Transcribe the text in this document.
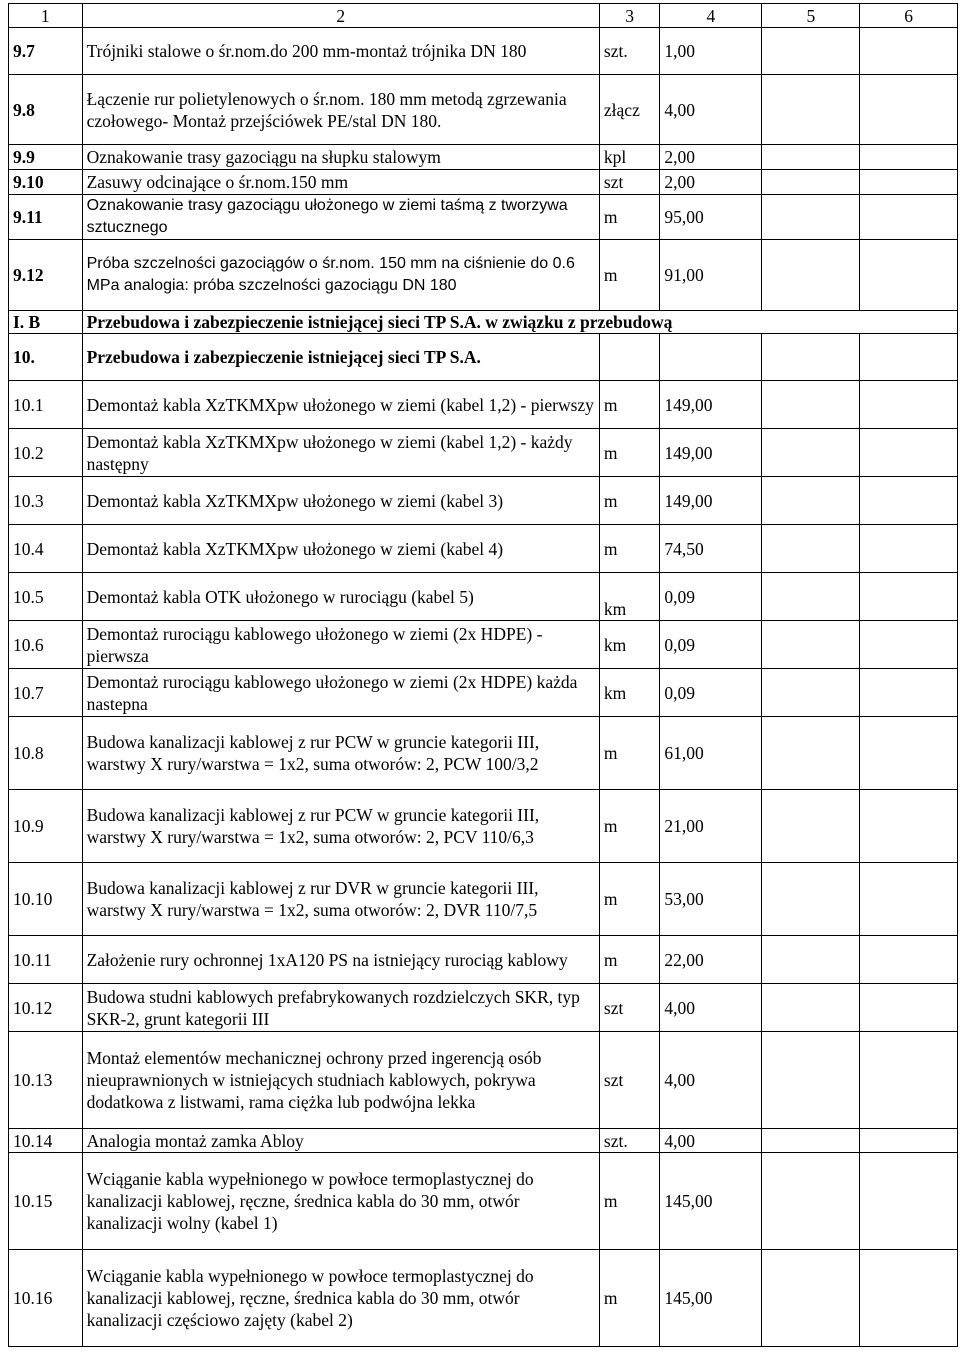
1	2	3	4	5	6
9.7	Trójniki stalowe o śr.nom.do 200 mm-montaż trójnika DN 180	szt.	1,00		
9.8	Łączenie rur polietylenowych o śr.nom. 180 mm metodą zgrzewania czołowego- Montaż przejściówek PE/stal DN 180.	złącz	4,00		
9.9	Oznakowanie trasy gazociągu na słupku stalowym	kpl	2,00		
9.10	Zasuwy odcinające o śr.nom.150 mm	szt	2,00		
9.11	Oznakowanie trasy gazociągu ułożonego w ziemi taśmą z tworzywa sztucznego	m	95,00		
9.12	Próba szczelności gazociągów o śr.nom. 150 mm na ciśnienie do 0.6 MPa analogia: próba szczelności gazociągu DN 180	m	91,00		
I. B	Przebudowa i zabezpieczenie istniejącej sieci TP S.A. w związku z przebudową				
10.	Przebudowa i zabezpieczenie istniejącej sieci TP S.A.				
10.1	Demontaż kabla XzTKMXpw ułożonego w ziemi (kabel 1,2) - pierwszy	m	149,00		
10.2	Demontaż kabla XzTKMXpw ułożonego w ziemi (kabel 1,2) - każdy następny	m	149,00		
10.3	Demontaż kabla XzTKMXpw ułożonego w ziemi (kabel 3)	m	149,00		
10.4	Demontaż kabla XzTKMXpw ułożonego w ziemi (kabel 4)	m	74,50		
10.5	Demontaż kabla OTK ułożonego w rurociągu (kabel 5)	km	0,09		
10.6	Demontaż rurociągu kablowego ułożonego w ziemi (2x HDPE) - pierwsza	km	0,09		
10.7	Demontaż rurociągu kablowego ułożonego w ziemi (2x HDPE) każda nastepna	km	0,09		
10.8	Budowa kanalizacji kablowej z rur PCW w gruncie kategorii III, warstwy X rury/warstwa = 1x2, suma otworów: 2, PCW 100/3,2	m	61,00		
10.9	Budowa kanalizacji kablowej z rur PCW w gruncie kategorii III, warstwy X rury/warstwa = 1x2, suma otworów: 2, PCV 110/6,3	m	21,00		
10.10	Budowa kanalizacji kablowej z rur DVR w gruncie kategorii III, warstwy X rury/warstwa = 1x2, suma otworów: 2, DVR 110/7,5	m	53,00		
10.11	Założenie rury ochronnej 1xA120 PS na istniejący rurociąg kablowy	m	22,00		
10.12	Budowa studni kablowych prefabrykowanych rozdzielczych SKR, typ SKR-2, grunt kategorii III	szt	4,00		
10.13	Montaż elementów mechanicznej ochrony przed ingerencją osób nieuprawnionych w istniejących studniach kablowych, pokrywa dodatkowa z listwami, rama ciężka lub podwójna lekka	szt	4,00		
10.14	Analogia montaż zamka Abloy	szt.	4,00		
10.15	Wciąganie kabla wypełnionego w powłoce termoplastycznej do kanalizacji kablowej, ręczne, średnica kabla do 30 mm, otwór kanalizacji wolny (kabel 1)	m	145,00		
10.16	Wciąganie kabla wypełnionego w powłoce termoplastycznej do kanalizacji kablowej, ręczne, średnica kabla do 30 mm, otwór kanalizacji częściowo zajęty (kabel 2)	m	145,00		
